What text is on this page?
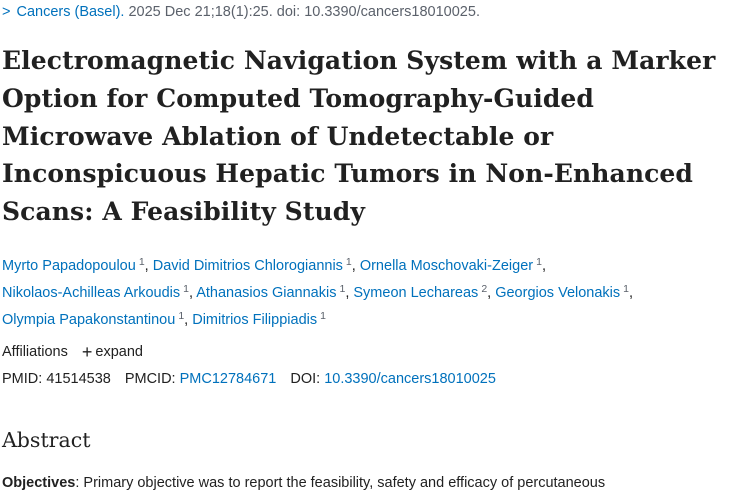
> Cancers (Basel). 2025 Dec 21;18(1):25. doi: 10.3390/cancers18010025.
Electromagnetic Navigation System with a Marker Option for Computed Tomography-Guided Microwave Ablation of Undetectable or Inconspicuous Hepatic Tumors in Non-Enhanced Scans: A Feasibility Study
Myrto Papadopoulou $^1$, David Dimitrios Chlorogiannis $^1$, Ornella Moschovaki-Zeiger $^1$,
Nikolaos-Achilleas Arkoudis $^1$, Athanasios Giannakis $^1$, Symeon Lechareas $^2$, Georgios Velonakis $^1$,
Olympia Papakonstantinou $^1$, Dimitrios Filippiadis $^1$
Affiliations + expand
PMID: 41514538 PMCID: PMC12784671 DOI: 10.3390/cancers18010025
Abstract

Objectives: Primary objective was to report the feasibility, safety and efficacy of percutaneous
